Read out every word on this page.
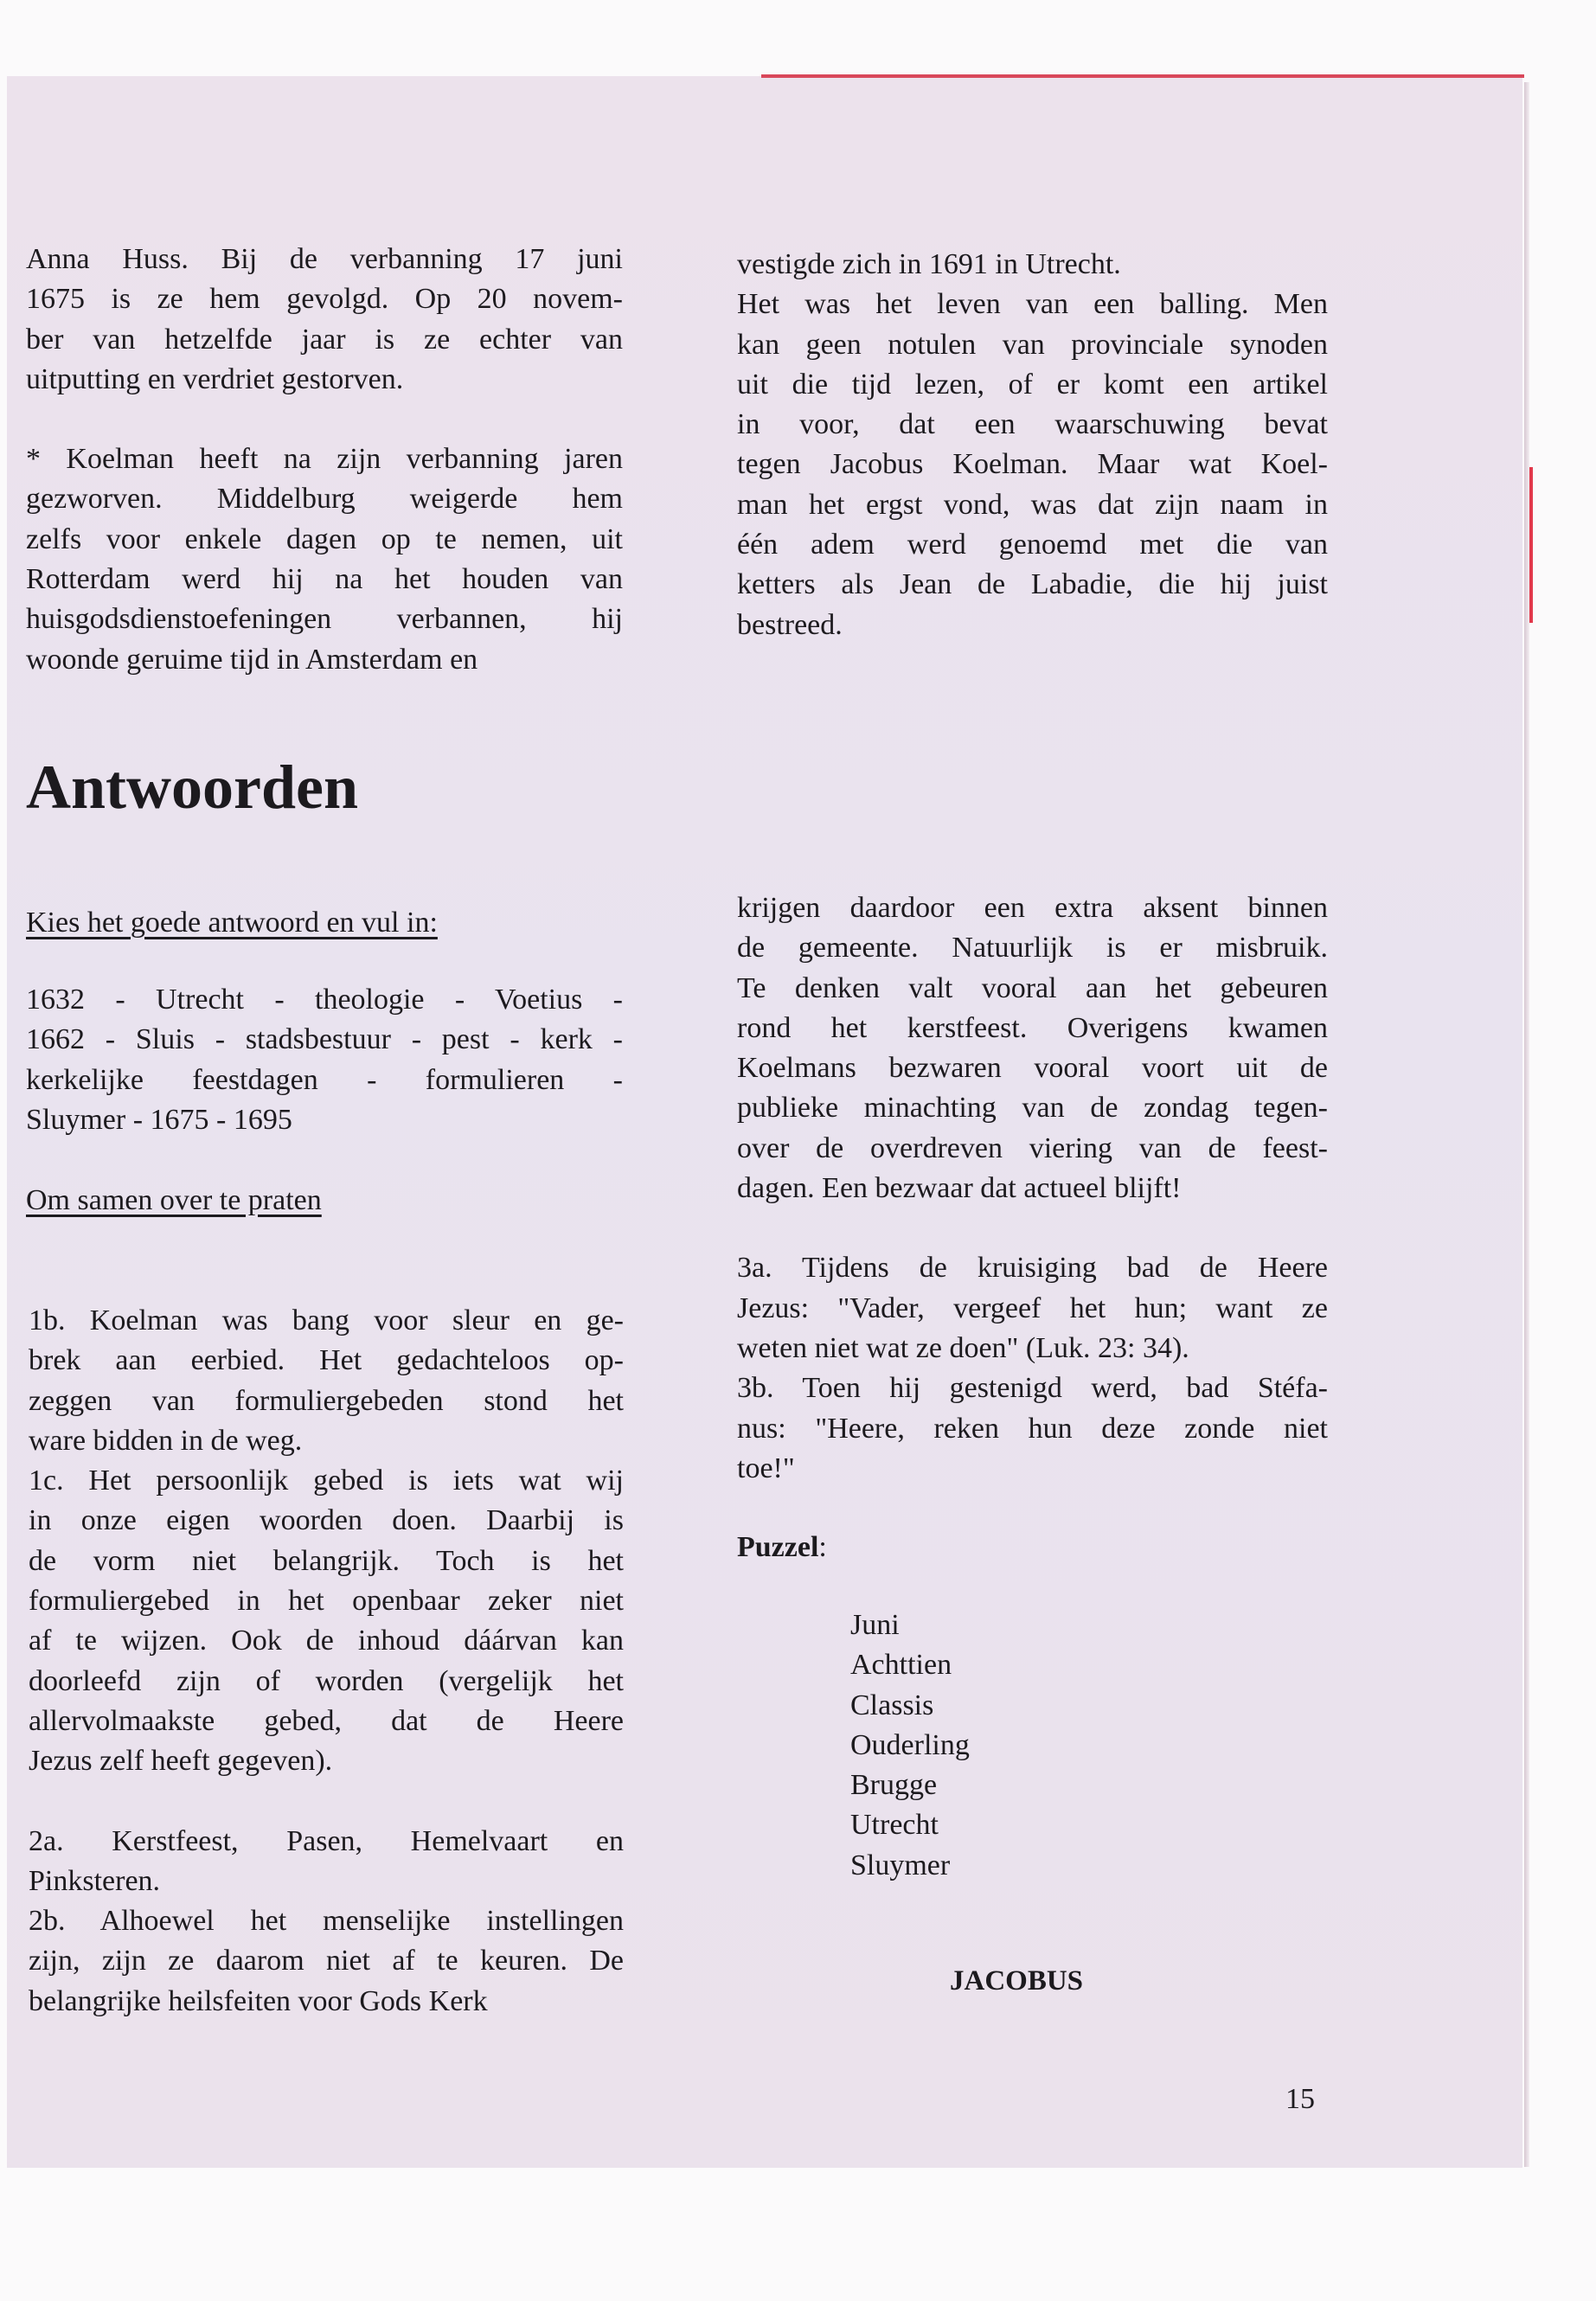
Anna Huss. Bij de verbanning 17 juni
1675 is ze hem gevolgd. Op 20 novem-
ber van hetzelfde jaar is ze echter van
uitputting en verdriet gestorven.
* Koelman heeft na zijn verbanning jaren
gezworven. Middelburg weigerde hem
zelfs voor enkele dagen op te nemen, uit
Rotterdam werd hij na het houden van
huisgodsdienstoefeningen verbannen, hij
woonde geruime tijd in Amsterdam en
Antwoorden
Kies het goede antwoord en vul in:
1632 - Utrecht - theologie - Voetius -
1662 - Sluis - stadsbestuur - pest - kerk -
kerkelijke feestdagen - formulieren -
Sluymer - 1675 - 1695
Om samen over te praten
1b. Koelman was bang voor sleur en ge-
brek aan eerbied. Het gedachteloos op-
zeggen van formuliergebeden stond het
ware bidden in de weg.
1c. Het persoonlijk gebed is iets wat wij
in onze eigen woorden doen. Daarbij is
de vorm niet belangrijk. Toch is het
formuliergebed in het openbaar zeker niet
af te wijzen. Ook de inhoud dáárvan kan
doorleefd zijn of worden (vergelijk het
allervolmaakste gebed, dat de Heere
Jezus zelf heeft gegeven).
2a. Kerstfeest, Pasen, Hemelvaart en
Pinksteren.
2b. Alhoewel het menselijke instellingen
zijn, zijn ze daarom niet af te keuren. De
belangrijke heilsfeiten voor Gods Kerk
vestigde zich in 1691 in Utrecht.
Het was het leven van een balling. Men
kan geen notulen van provinciale synoden
uit die tijd lezen, of er komt een artikel
in voor, dat een waarschuwing bevat
tegen Jacobus Koelman. Maar wat Koel-
man het ergst vond, was dat zijn naam in
één adem werd genoemd met die van
ketters als Jean de Labadie, die hij juist
bestreed.
krijgen daardoor een extra aksent binnen
de gemeente. Natuurlijk is er misbruik.
Te denken valt vooral aan het gebeuren
rond het kerstfeest. Overigens kwamen
Koelmans bezwaren vooral voort uit de
publieke minachting van de zondag tegen-
over de overdreven viering van de feest-
dagen. Een bezwaar dat actueel blijft!
3a. Tijdens de kruisiging bad de Heere
Jezus: "Vader, vergeef het hun; want ze
weten niet wat ze doen" (Luk. 23: 34).
3b. Toen hij gestenigd werd, bad Stéfa-
nus: "Heere, reken hun deze zonde niet
toe!"
Puzzel:
Juni
Achttien
Classis
Ouderling
Brugge
Utrecht
Sluymer
JACOBUS
15
